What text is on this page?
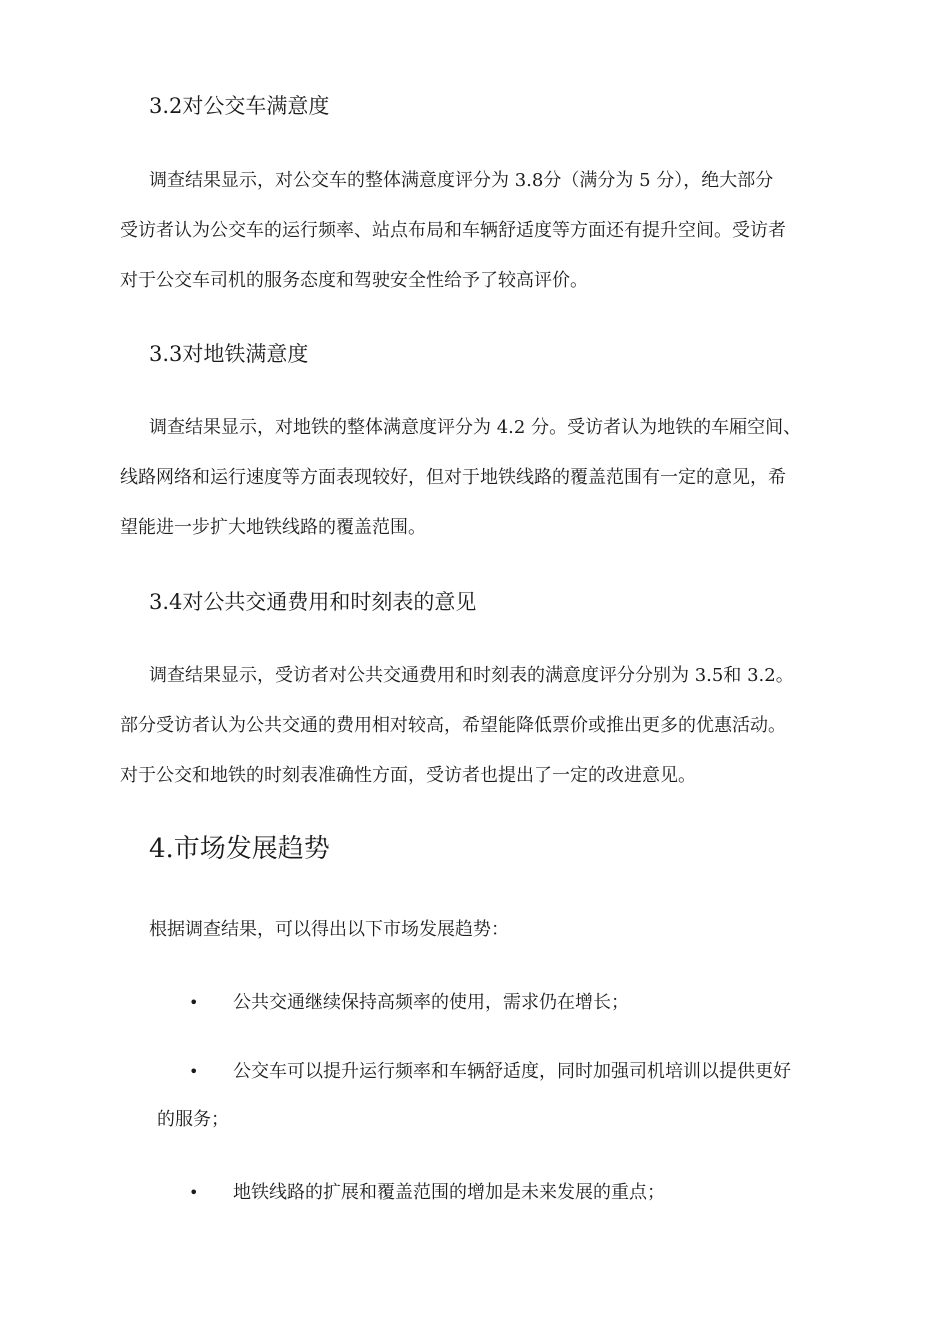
3.2对公交车满意度

调查结果显示，对公交车的整体满意度评分为 3.8分（满分为 5 分），绝大部分

受访者认为公交车的运行频率、站点布局和车辆舒适度等方面还有提升空间。受访者

对于公交车司机的服务态度和驾驶安全性给予了较高评价。

3.3对地铁满意度

调查结果显示，对地铁的整体满意度评分为 4.2 分。受访者认为地铁的车厢空间、

线路网络和运行速度等方面表现较好，但对于地铁线路的覆盖范围有一定的意见，希

望能进一步扩大地铁线路的覆盖范围。

3.4对公共交通费用和时刻表的意见

调查结果显示，受访者对公共交通费用和时刻表的满意度评分分别为 3.5和 3.2。

部分受访者认为公共交通的费用相对较高，希望能降低票价或推出更多的优惠活动。

对于公交和地铁的时刻表准确性方面，受访者也提出了一定的改进意见。

4.市场发展趋势

根据调查结果，可以得出以下市场发展趋势：

• 公共交通继续保持高频率的使用，需求仍在增长；

• 公交车可以提升运行频率和车辆舒适度，同时加强司机培训以提供更好

的服务；

• 地铁线路的扩展和覆盖范围的增加是未来发展的重点；
